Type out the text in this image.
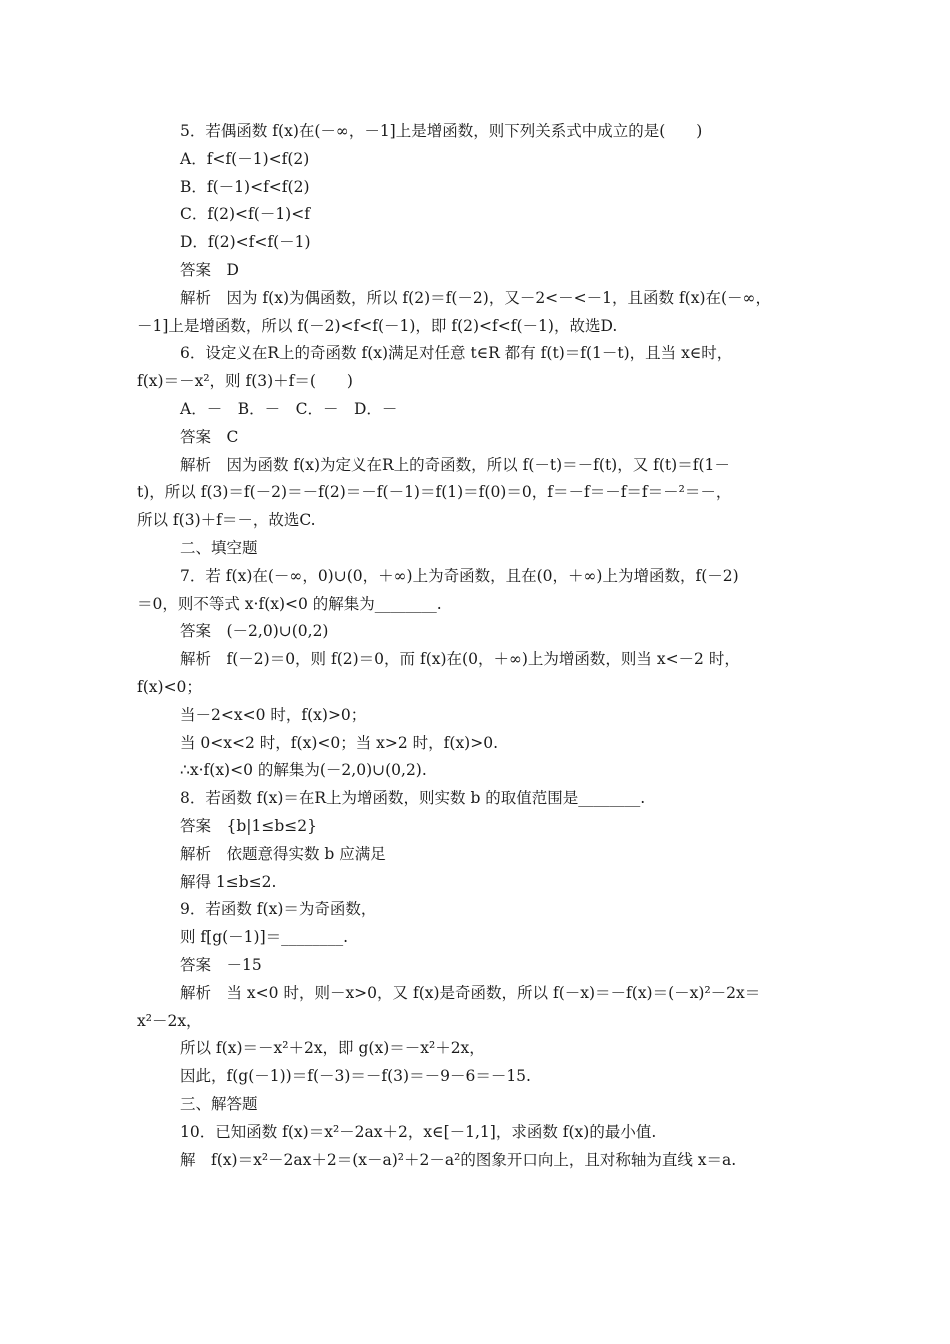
5．若偶函数 f(x)在(－∞，－1]上是增函数，则下列关系式中成立的是(　　)
A．f<f(－1)<f(2)
B．f(－1)<f<f(2)
C．f(2)<f(－1)<f
D．f(2)<f<f(－1)
答案　D
解析　因为 f(x)为偶函数，所以 f(2)＝f(－2)，又－2<－<－1，且函数 f(x)在(－∞，
－1]上是增函数，所以 f(－2)<f<f(－1)，即 f(2)<f<f(－1)，故选D.
6．设定义在R上的奇函数 f(x)满足对任意 t∈R 都有 f(t)＝f(1－t)，且当 x∈时，
f(x)＝－x²，则 f(3)＋f＝(　　)
A．－　B．－　C．－　D．－
答案　C
解析　因为函数 f(x)为定义在R上的奇函数，所以 f(－t)＝－f(t)，又 f(t)＝f(1－
t)，所以 f(3)＝f(－2)＝－f(2)＝－f(－1)＝f(1)＝f(0)＝0，f＝－f＝－f＝f＝－²＝－，
所以 f(3)＋f＝－，故选C.
二、填空题
7．若 f(x)在(－∞，0)∪(0，＋∞)上为奇函数，且在(0，＋∞)上为增函数，f(－2)
＝0，则不等式 x·f(x)<0 的解集为________.
答案　(－2,0)∪(0,2)
解析　f(－2)＝0，则 f(2)＝0，而 f(x)在(0，＋∞)上为增函数，则当 x<－2 时，
f(x)<0；
当－2<x<0 时，f(x)>0；
当 0<x<2 时，f(x)<0；当 x>2 时，f(x)>0.
∴x·f(x)<0 的解集为(－2,0)∪(0,2).
8．若函数 f(x)＝在R上为增函数，则实数 b 的取值范围是________.
答案　{b|1≤b≤2}
解析　依题意得实数 b 应满足
解得 1≤b≤2.
9．若函数 f(x)＝为奇函数，
则 f[g(－1)]＝________.
答案　－15
解析　当 x<0 时，则－x>0，又 f(x)是奇函数，所以 f(－x)＝－f(x)＝(－x)²－2x＝
x²－2x，
所以 f(x)＝－x²＋2x，即 g(x)＝－x²＋2x，
因此，f(g(－1))＝f(－3)＝－f(3)＝－9－6＝－15.
三、解答题
10．已知函数 f(x)＝x²－2ax＋2，x∈[－1,1]，求函数 f(x)的最小值.
解　f(x)＝x²－2ax＋2＝(x－a)²＋2－a²的图象开口向上，且对称轴为直线 x＝a.
